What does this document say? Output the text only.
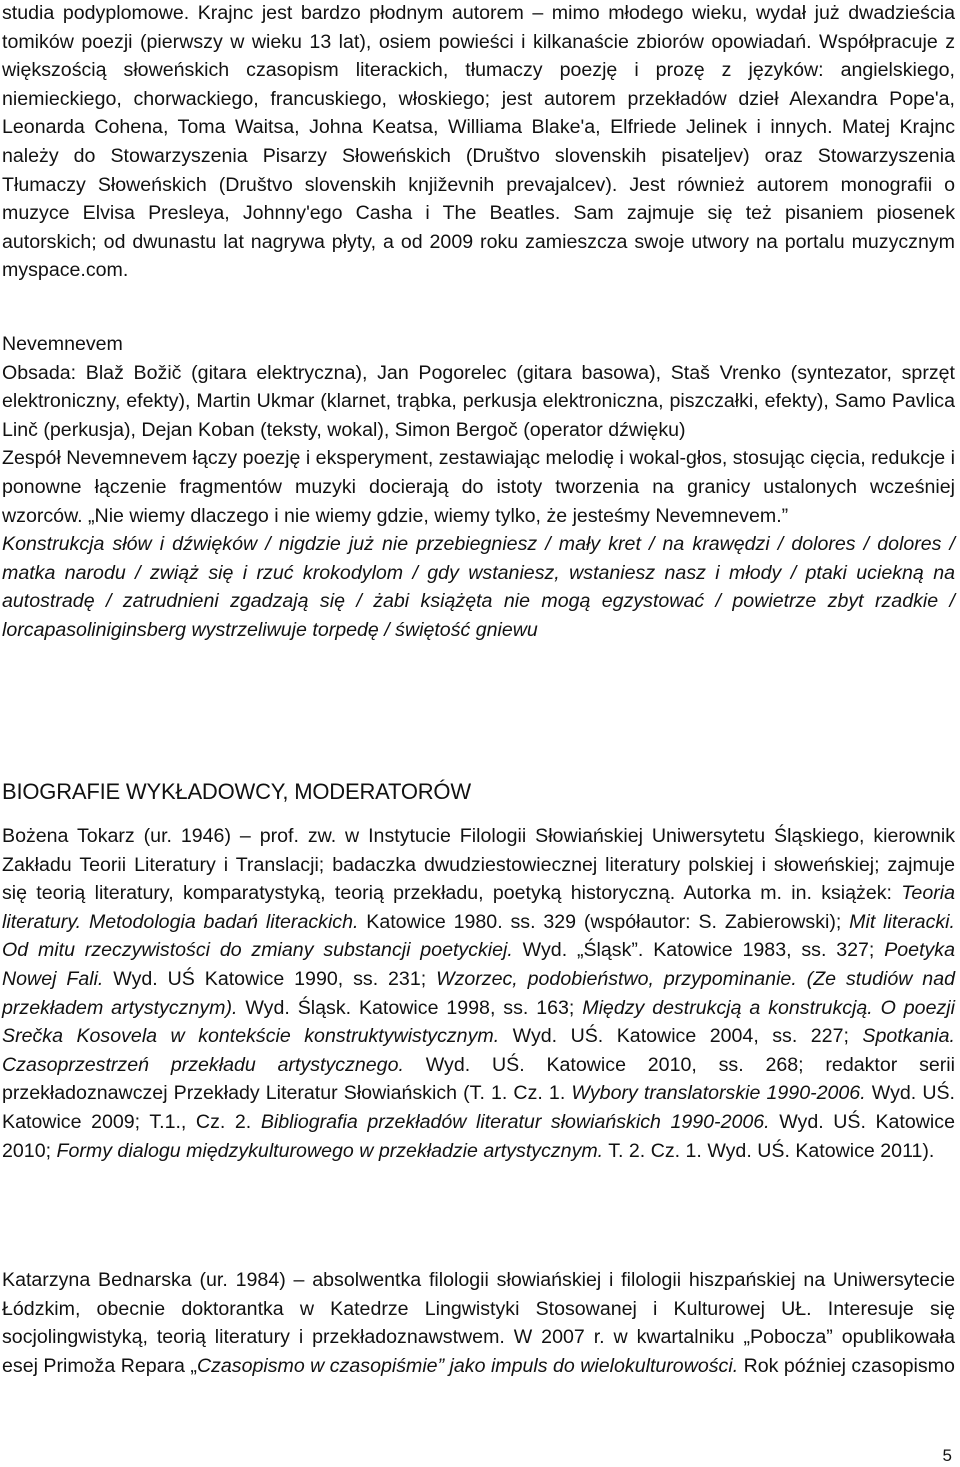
studia podyplomowe. Krajnc jest bardzo płodnym autorem – mimo młodego wieku, wydał już dwadzieścia tomików poezji (pierwszy w wieku 13 lat), osiem powieści i kilkanaście zbiorów opowiadań. Współpracuje z większością słoweńskich czasopism literackich, tłumaczy poezję i prozę z języków: angielskiego, niemieckiego, chorwackiego, francuskiego, włoskiego; jest autorem przekładów dzieł Alexandra Pope'a, Leonarda Cohena, Toma Waitsa, Johna Keatsa, Williama Blake'a, Elfriede Jelinek i innych. Matej Krajnc należy do Stowarzyszenia Pisarzy Słoweńskich (Društvo slovenskih pisateljev) oraz Stowarzyszenia Tłumaczy Słoweńskich (Društvo slovenskih književnih prevajalcev). Jest również autorem monografii o muzyce Elvisa Presleya, Johnny'ego Casha i The Beatles. Sam zajmuje się też pisaniem piosenek autorskich; od dwunastu lat nagrywa płyty, a od 2009 roku zamieszcza swoje utwory na portalu muzycznym myspace.com.

Nevemnevem

Obsada: Blaž Božič (gitara elektryczna), Jan Pogorelec (gitara basowa), Staš Vrenko (syntezator, sprzęt elektroniczny, efekty), Martin Ukmar (klarnet, trąbka, perkusja elektroniczna, piszczałki, efekty), Samo Pavlica Linč (perkusja), Dejan Koban (teksty, wokal), Simon Bergoč (operator dźwięku)

Zespół Nevemnevem łączy poezję i eksperyment, zestawiając melodię i wokal-głos, stosując cięcia, redukcje i ponowne łączenie fragmentów muzyki docierają do istoty tworzenia na granicy ustalonych wcześniej wzorców. „Nie wiemy dlaczego i nie wiemy gdzie, wiemy tylko, że jesteśmy Nevemnevem.”

Konstrukcja słów i dźwięków / nigdzie już nie przebiegniesz / mały kret / na krawędzi / dolores / dolores / matka narodu / zwiąż się i rzuć krokodylom / gdy wstaniesz, wstaniesz nasz i młody / ptaki uciekną na autostradę / zatrudnieni zgadzają się / żabi książęta nie mogą egzystować / powietrze zbyt rzadkie / lorcapasoliniginsberg wystrzeliwuje torpedę / świętość gniewu

BIOGRAFIE WYKŁADOWCY, MODERATORÓW

Bożena Tokarz (ur. 1946) – prof. zw. w Instytucie Filologii Słowiańskiej Uniwersytetu Śląskiego, kierownik Zakładu Teorii Literatury i Translacji; badaczka dwudziestowiecznej literatury polskiej i słoweńskiej; zajmuje się teorią literatury, komparatystyką, teorią przekładu, poetyką historyczną. Autorka m. in. książek: Teoria literatury. Metodologia badań literackich. Katowice 1980. ss. 329 (współautor: S. Zabierowski); Mit literacki. Od mitu rzeczywistości do zmiany substancji poetyckiej. Wyd. „Śląsk”. Katowice 1983, ss. 327; Poetyka Nowej Fali. Wyd. UŚ Katowice 1990, ss. 231; Wzorzec, podobieństwo, przypominanie. (Ze studiów nad przekładem artystycznym). Wyd. Śląsk. Katowice 1998, ss. 163; Między destrukcją a konstrukcją. O poezji Srečka Kosovela w kontekście konstruktywistycznym. Wyd. UŚ. Katowice 2004, ss. 227; Spotkania. Czasoprzestrzeń przekładu artystycznego. Wyd. UŚ. Katowice 2010, ss. 268; redaktor serii przekładoznawczej Przekłady Literatur Słowiańskich (T. 1. Cz. 1. Wybory translatorskie 1990-2006. Wyd. UŚ. Katowice 2009; T.1., Cz. 2. Bibliografia przekładów literatur słowiańskich 1990-2006. Wyd. UŚ. Katowice 2010; Formy dialogu międzykulturowego w przekładzie artystycznym. T. 2. Cz. 1. Wyd. UŚ. Katowice 2011).

Katarzyna Bednarska (ur. 1984) – absolwentka filologii słowiańskiej i filologii hiszpańskiej na Uniwersytecie Łódzkim, obecnie doktorantka w Katedrze Lingwistyki Stosowanej i Kulturowej UŁ. Interesuje się socjolingwistyką, teorią literatury i przekładoznawstwem. W 2007 r. w kwartalniku „Pobocza” opublikowała esej Primoža Repara „Czasopismo w czasopiśmie” jako impuls do wielokulturowości. Rok później czasopismo

5
